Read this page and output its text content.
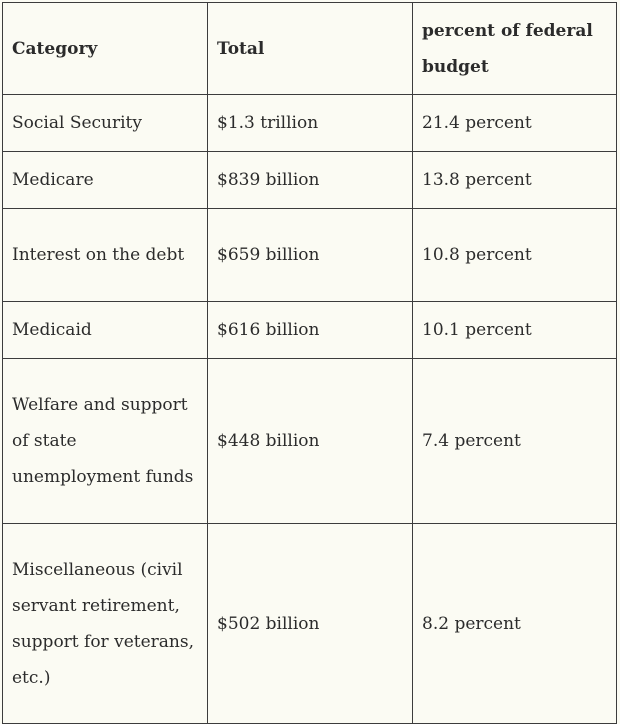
Category	Total	percent of federal budget
Social Security	$1.3 trillion	21.4 percent
Medicare	$839 billion	13.8 percent
Interest on the debt	$659 billion	10.8 percent
Medicaid	$616 billion	10.1 percent
Welfare and support of state unemployment funds	$448 billion	7.4 percent
Miscellaneous (civil servant retirement, support for veterans, etc.)	$502 billion	8.2 percent
